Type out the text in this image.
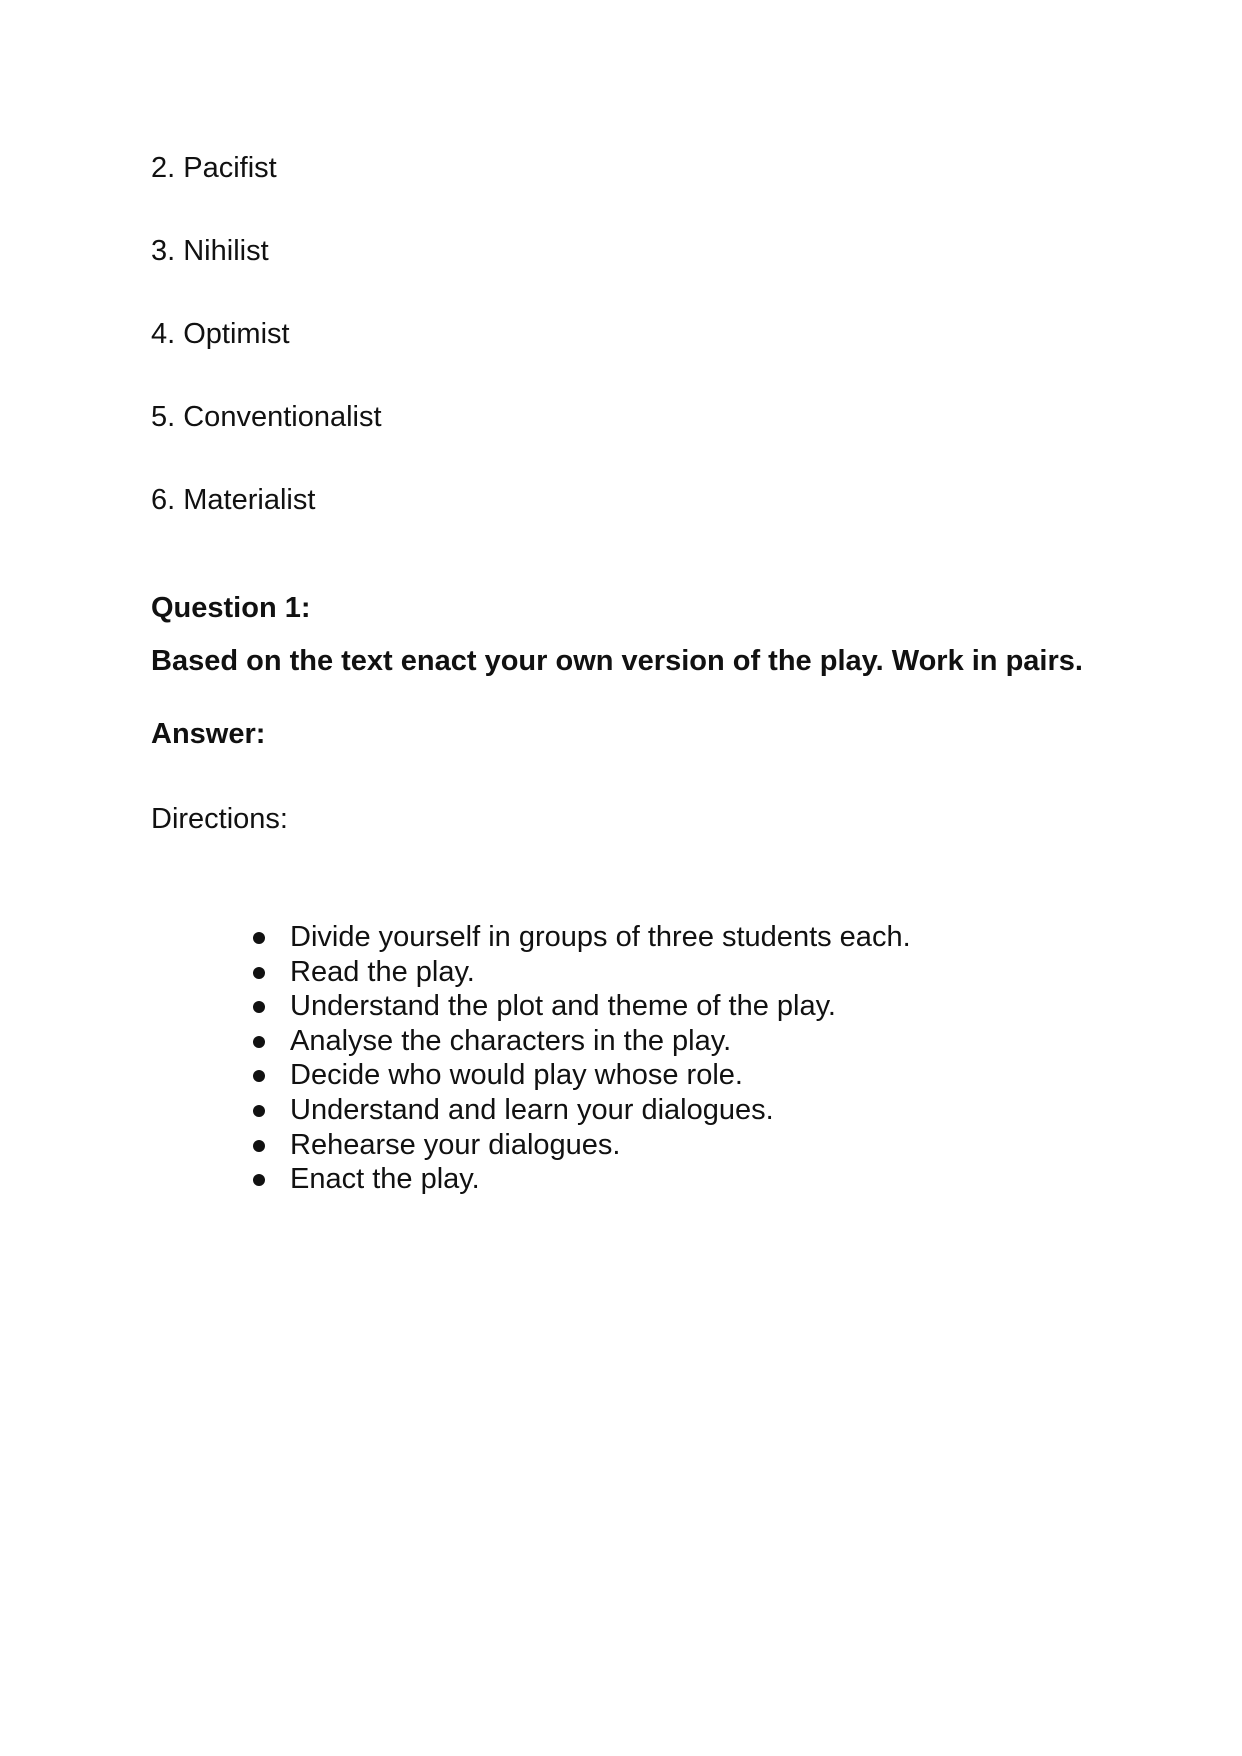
2. Pacifist
3. Nihilist
4. Optimist
5. Conventionalist
6. Materialist
Question 1:
Based on the text enact your own version of the play. Work in pairs.
Answer:
Directions:
Divide yourself in groups of three students each.
Read the play.
Understand the plot and theme of the play.
Analyse the characters in the play.
Decide who would play whose role.
Understand and learn your dialogues.
Rehearse your dialogues.
Enact the play.
